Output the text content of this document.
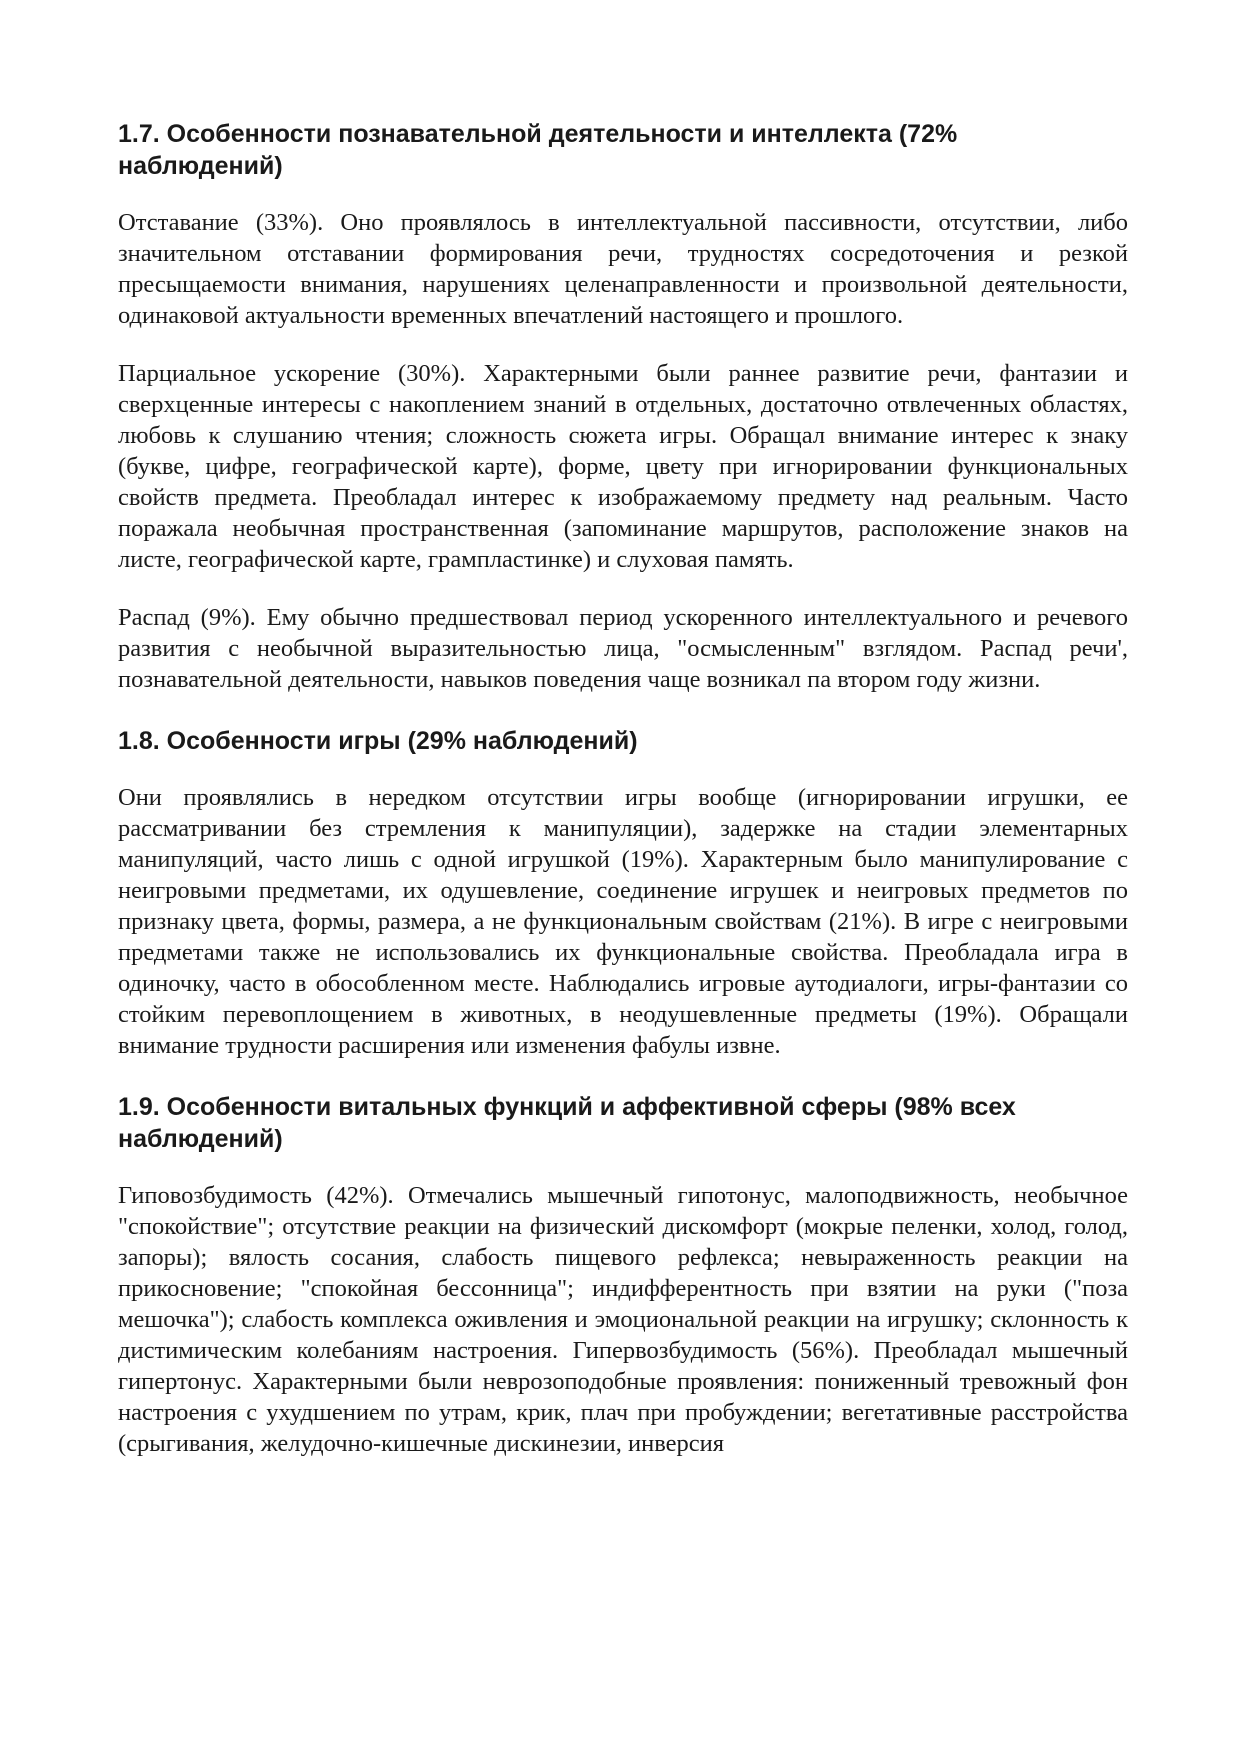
1.7. Особенности познавательной деятельности и интеллекта (72% наблюдений)

Отставание (33%). Оно проявлялось в интеллектуальной пассивности, отсутствии, либо значительном отставании формирования речи, трудностях сосредоточения и резкой пресыщаемости внимания, нарушениях целенаправленности и произвольной деятельности, одинаковой актуальности временных впечатлений настоящего и прошлого.

Парциальное ускорение (30%). Характерными были раннее развитие речи, фантазии и сверхценные интересы с накоплением знаний в отдельных, достаточно отвлеченных областях, любовь к слушанию чтения; сложность сюжета игры. Обращал внимание интерес к знаку (букве, цифре, географической карте), форме, цвету при игнорировании функциональных свойств предмета. Преобладал интерес к изображаемому предмету над реальным. Часто поражала необычная пространственная (запоминание маршрутов, расположение знаков на листе, географической карте, грампластинке) и слуховая память.

Распад (9%). Ему обычно предшествовал период ускоренного интеллектуального и речевого развития с необычной выразительностью лица, "осмысленным" взглядом. Распад речи', познавательной деятельности, навыков поведения чаще возникал па втором году жизни.

1.8. Особенности игры (29% наблюдений)

Они проявлялись в нередком отсутствии игры вообще (игнорировании игрушки, ее рассматривании без стремления к манипуляции), задержке на стадии элементарных манипуляций, часто лишь с одной игрушкой (19%). Характерным было манипулирование с неигровыми предметами, их одушевление, соединение игрушек и неигровых предметов по признаку цвета, формы, размера, а не функциональным свойствам (21%). В игре с неигровыми предметами также не использовались их функциональные свойства. Преобладала игра в одиночку, часто в обособленном месте. Наблюдались игровые аутодиалоги, игры-фантазии со стойким перевоплощением в животных, в неодушевленные предметы (19%). Обращали внимание трудности расширения или изменения фабулы извне.

1.9. Особенности витальных функций и аффективной сферы (98% всех наблюдений)

Гиповозбудимость (42%). Отмечались мышечный гипотонус, малоподвижность, необычное "спокойствие"; отсутствие реакции на физический дискомфорт (мокрые пеленки, холод, голод, запоры); вялость сосания, слабость пищевого рефлекса; невыраженность реакции на прикосновение; "спокойная бессонница"; индифферентность при взятии на руки ("поза мешочка"); слабость комплекса оживления и эмоциональной реакции на игрушку; склонность к дистимическим колебаниям настроения. Гипервозбудимость (56%). Преобладал мышечный гипертонус. Характерными были неврозоподобные проявления: пониженный тревожный фон настроения с ухудшением по утрам, крик, плач при пробуждении; вегетативные расстройства (срыгивания, желудочно-кишечные дискинезии, инверсия
